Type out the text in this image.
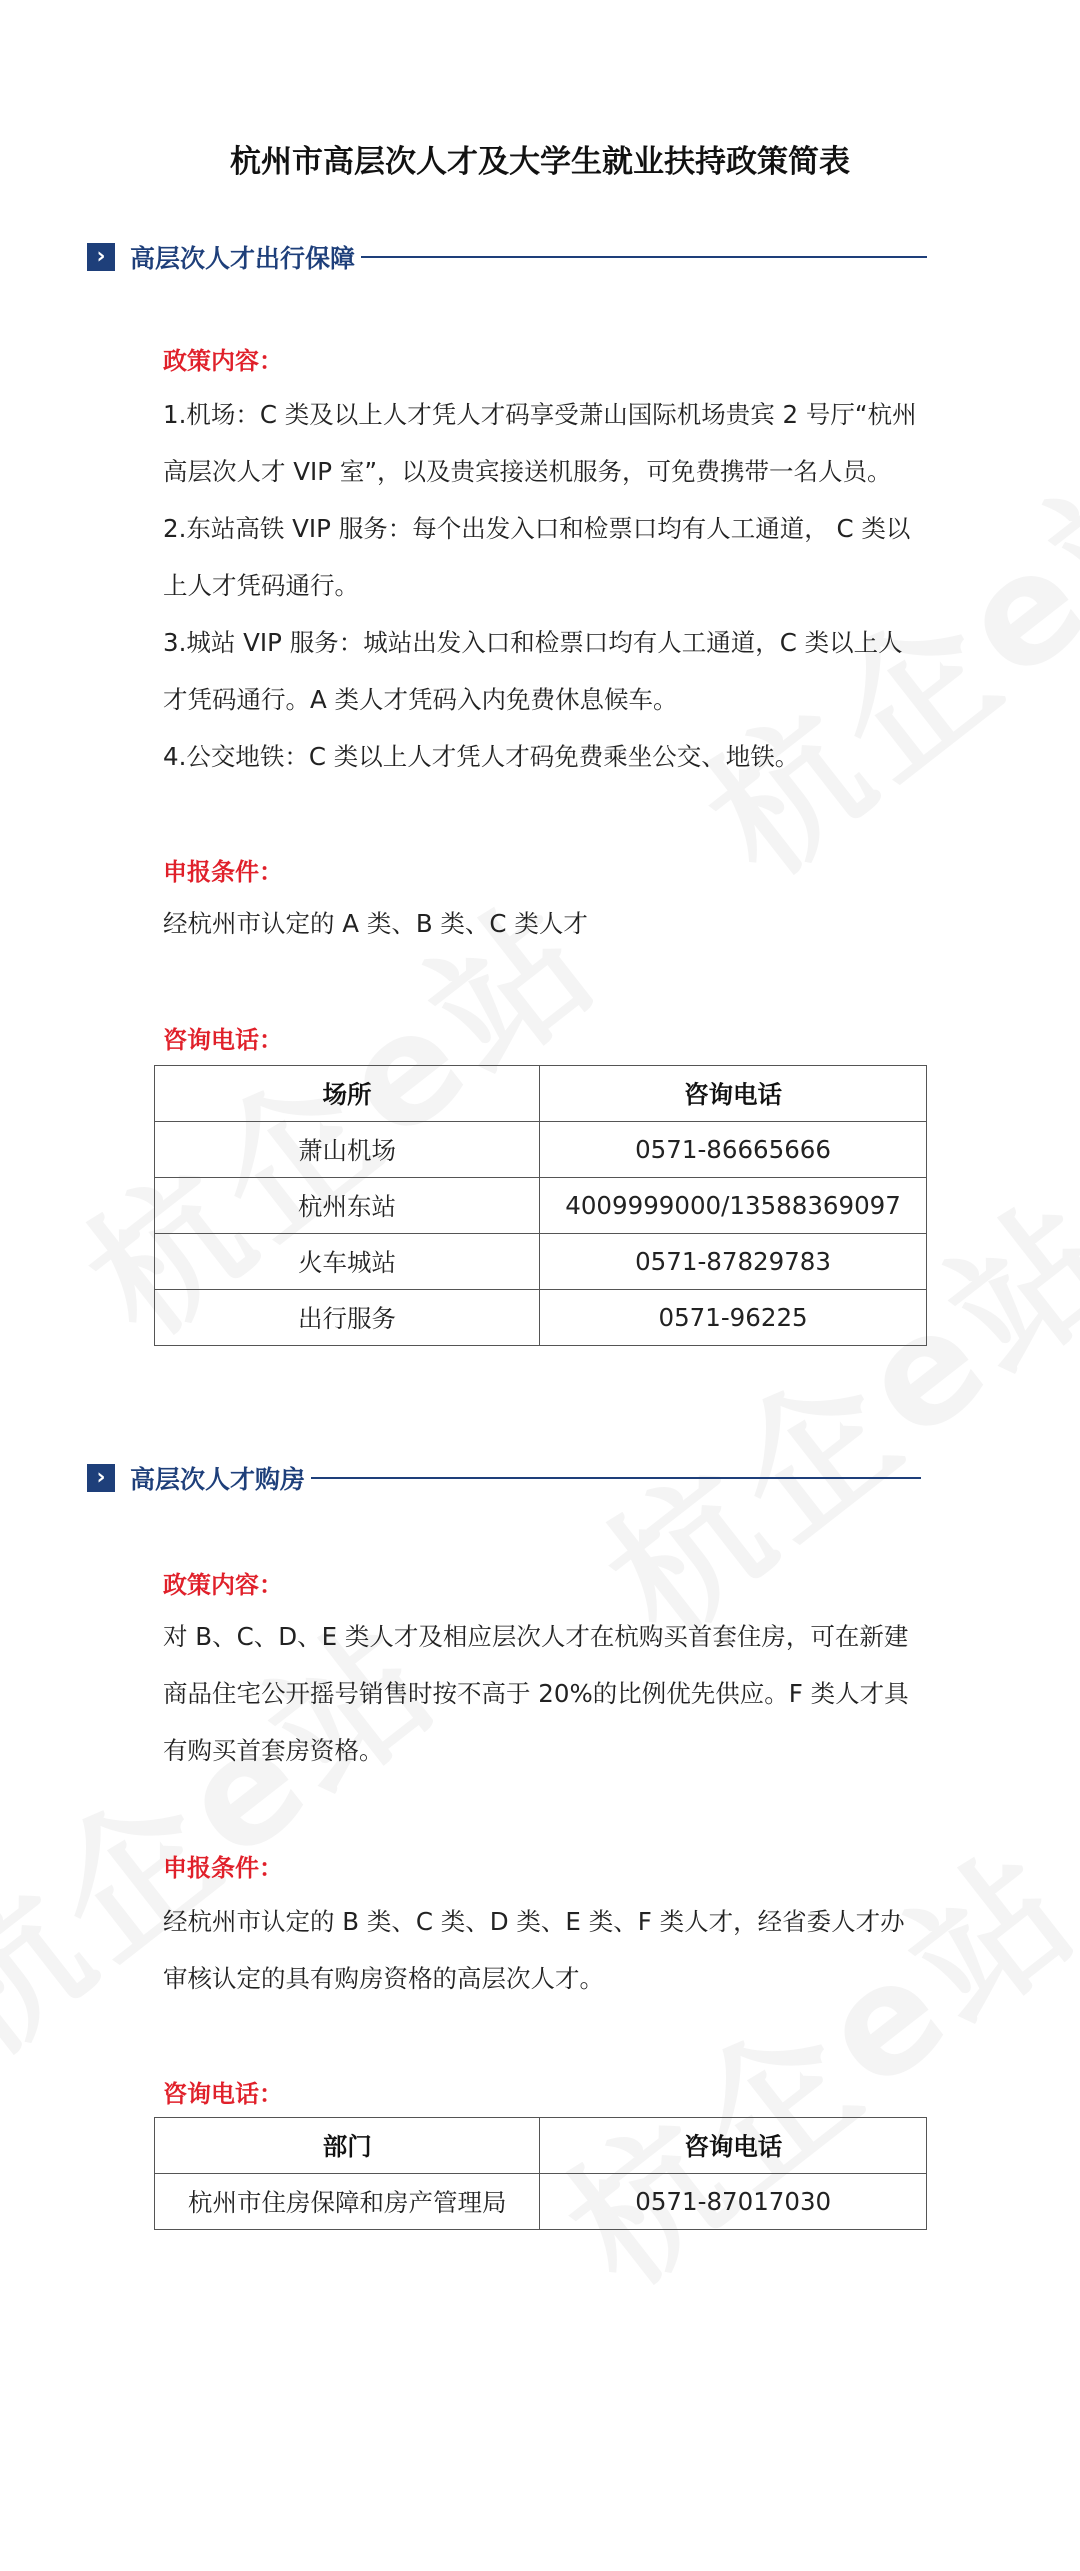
杭州市高层次人才及大学生就业扶持政策简表
› 高层次人才出行保障
政策内容：

1.机场：C 类及以上人才凭人才码享受萧山国际机场贵宾 2 号厅“杭州高层次人才 VIP 室”，以及贵宾接送机服务，可免费携带一名人员。

2.东站高铁 VIP 服务：每个出发入口和检票口均有人工通道， C 类以上人才凭码通行。

3.城站 VIP 服务：城站出发入口和检票口均有人工通道，C 类以上人才凭码通行。A 类人才凭码入内免费休息候车。

4.公交地铁：C 类以上人才凭人才码免费乘坐公交、地铁。

申报条件：
经杭州市认定的 A 类、B 类、C 类人才
咨询电话：
场所	咨询电话
萧山机场	0571-86665666
杭州东站	4009999000/13588369097
火车城站	0571-87829783
出行服务	0571-96225
› 高层次人才购房
政策内容：
对 B、C、D、E 类人才及相应层次人才在杭购买首套住房，可在新建商品住宅公开摇号销售时按不高于 20%的比例优先供应。F 类人才具有购买首套房资格。
申报条件：
经杭州市认定的 B 类、C 类、D 类、E 类、F 类人才，经省委人才办审核认定的具有购房资格的高层次人才。
咨询电话：
部门	咨询电话
杭州市住房保障和房产管理局	0571-87017030
